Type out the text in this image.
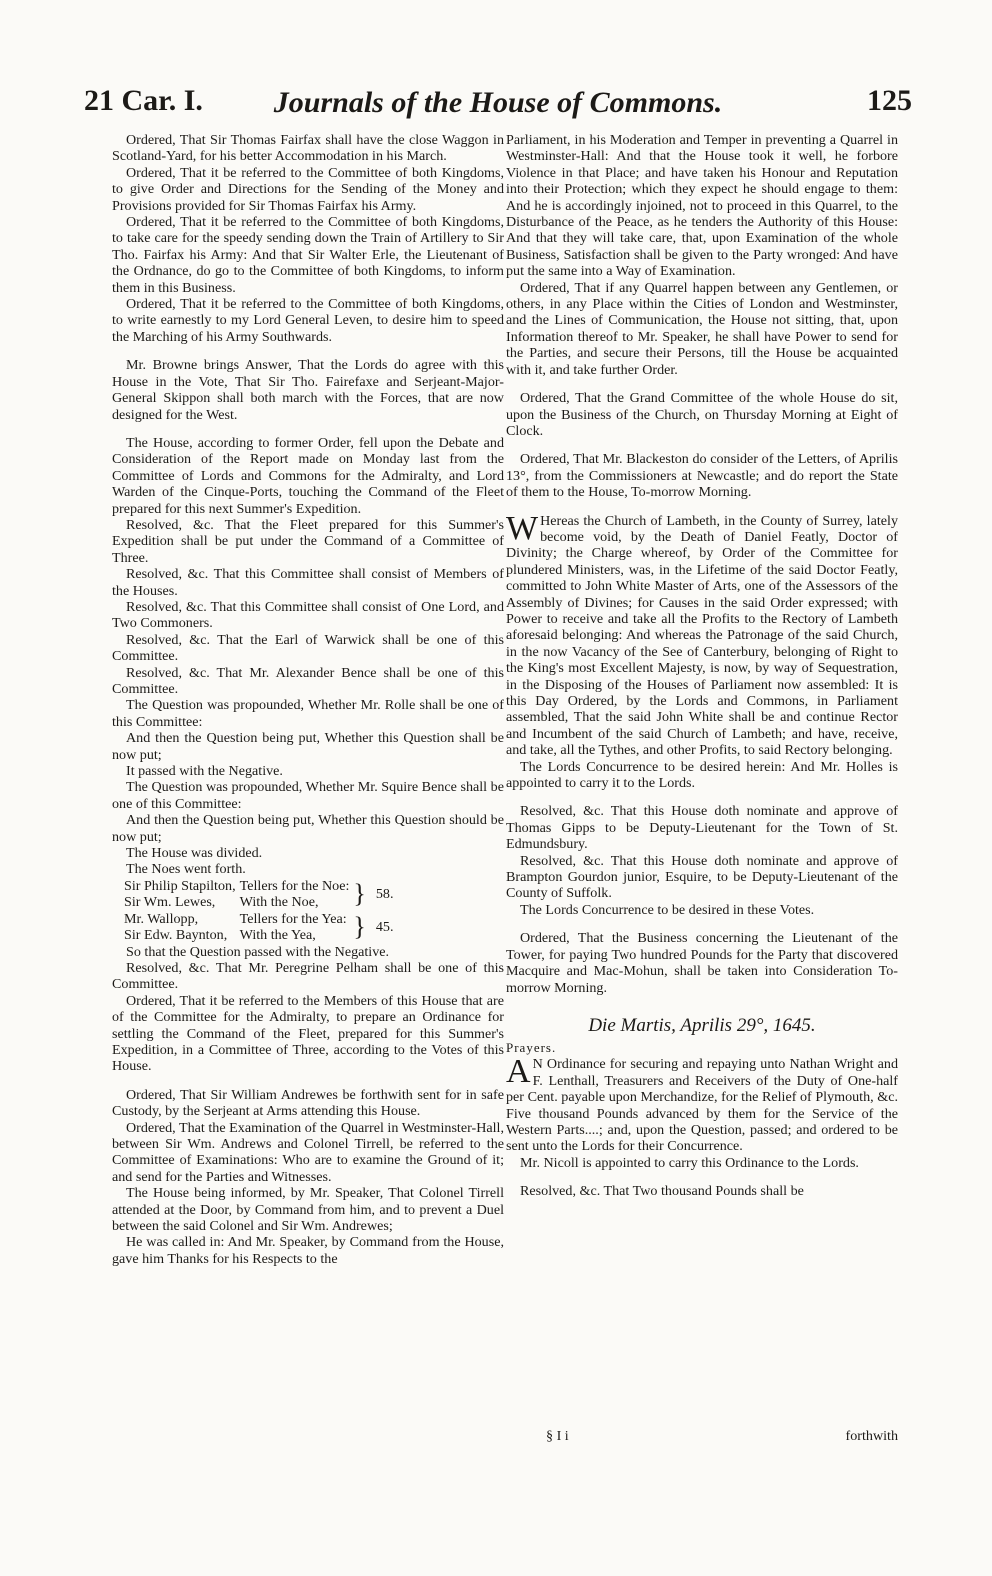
21 Car. I.	Journals of the House of Commons.	125

Ordered, That Sir Thomas Fairfax shall have the close Waggon in Scotland-Yard, for his better Accommodation in his March.

Ordered, That it be referred to the Committee of both Kingdoms, to give Order and Directions for the Sending of the Money and Provisions provided for Sir Thomas Fairfax his Army.

Ordered, That it be referred to the Committee of both Kingdoms, to take care for the speedy sending down the Train of Artillery to Sir Tho. Fairfax his Army: And that Sir Walter Erle, the Lieutenant of the Ordnance, do go to the Committee of both Kingdoms, to inform them in this Business.

Ordered, That it be referred to the Committee of both Kingdoms, to write earnestly to my Lord General Leven, to desire him to speed the Marching of his Army Southwards.

Mr. Browne brings Answer, That the Lords do agree with this House in the Vote, That Sir Tho. Fairefaxe and Serjeant-Major-General Skippon shall both march with the Forces, that are now designed for the West.

The House, according to former Order, fell upon the Debate and Consideration of the Report made on Monday last from the Committee of Lords and Commons for the Admiralty, and Lord Warden of the Cinque-Ports, touching the Command of the Fleet prepared for this next Summer's Expedition.

Resolved, &c. That the Fleet prepared for this Summer's Expedition shall be put under the Command of a Committee of Three.

Resolved, &c. That this Committee shall consist of Members of the Houses.

Resolved, &c. That this Committee shall consist of One Lord, and Two Commoners.

Resolved, &c. That the Earl of Warwick shall be one of this Committee.

Resolved, &c. That Mr. Alexander Bence shall be one of this Committee.

The Question was propounded, Whether Mr. Rolle shall be one of this Committee:

And then the Question being put, Whether this Question shall be now put;

It passed with the Negative.

The Question was propounded, Whether Mr. Squire Bence shall be one of this Committee:

And then the Question being put, Whether this Question should be now put;

The House was divided.

The Noes went forth.

Sir Philip Stapilton,	Tellers for the Noe:	}	58.
Sir Wm. Lewes,	With the Noe,		
Mr. Wallopp,	Tellers for the Yea:	}	45.
Sir Edw. Baynton,	With the Yea,		

So that the Question passed with the Negative.

Resolved, &c. That Mr. Peregrine Pelham shall be one of this Committee.

Ordered, That it be referred to the Members of this House that are of the Committee for the Admiralty, to prepare an Ordinance for settling the Command of the Fleet, prepared for this Summer's Expedition, in a Committee of Three, according to the Votes of this House.

Ordered, That Sir William Andrewes be forthwith sent for in safe Custody, by the Serjeant at Arms attending this House.

Ordered, That the Examination of the Quarrel in Westminster-Hall, between Sir Wm. Andrews and Colonel Tirrell, be referred to the Committee of Examinations: Who are to examine the Ground of it; and send for the Parties and Witnesses.

The House being informed, by Mr. Speaker, That Colonel Tirrell attended at the Door, by Command from him, and to prevent a Duel between the said Colonel and Sir Wm. Andrewes;

He was called in: And Mr. Speaker, by Command from the House, gave him Thanks for his Respects to the

Parliament, in his Moderation and Temper in preventing a Quarrel in Westminster-Hall: And that the House took it well, he forbore Violence in that Place; and have taken his Honour and Reputation into their Protection; which they expect he should engage to them: And he is accordingly injoined, not to proceed in this Quarrel, to the Disturbance of the Peace, as he tenders the Authority of this House: And that they will take care, that, upon Examination of the whole Business, Satisfaction shall be given to the Party wronged: And have put the same into a Way of Examination.

Ordered, That if any Quarrel happen between any Gentlemen, or others, in any Place within the Cities of London and Westminster, and the Lines of Communication, the House not sitting, that, upon Information thereof to Mr. Speaker, he shall have Power to send for the Parties, and secure their Persons, till the House be acquainted with it, and take further Order.

Ordered, That the Grand Committee of the whole House do sit, upon the Business of the Church, on Thursday Morning at Eight of Clock.

Ordered, That Mr. Blackeston do consider of the Letters, of Aprilis 13°, from the Commissioners at Newcastle; and do report the State of them to the House, To-morrow Morning.

W Hereas the Church of Lambeth, in the County of Surrey, lately become void, by the Death of Daniel Featly, Doctor of Divinity; the Charge whereof, by Order of the Committee for plundered Ministers, was, in the Lifetime of the said Doctor Featly, committed to John White Master of Arts, one of the Assessors of the Assembly of Divines; for Causes in the said Order expressed; with Power to receive and take all the Profits to the Rectory of Lambeth aforesaid belonging: And whereas the Patronage of the said Church, in the now Vacancy of the See of Canterbury, belonging of Right to the King's most Excellent Majesty, is now, by way of Sequestration, in the Disposing of the Houses of Parliament now assembled: It is this Day Ordered, by the Lords and Commons, in Parliament assembled, That the said John White shall be and continue Rector and Incumbent of the said Church of Lambeth; and have, receive, and take, all the Tythes, and other Profits, to said Rectory belonging.

The Lords Concurrence to be desired herein: And Mr. Holles is appointed to carry it to the Lords.

Resolved, &c. That this House doth nominate and approve of Thomas Gipps to be Deputy-Lieutenant for the Town of St. Edmundsbury.

Resolved, &c. That this House doth nominate and approve of Brampton Gourdon junior, Esquire, to be Deputy-Lieutenant of the County of Suffolk.

The Lords Concurrence to be desired in these Votes.

Ordered, That the Business concerning the Lieutenant of the Tower, for paying Two hundred Pounds for the Party that discovered Macquire and Mac-Mohun, shall be taken into Consideration To-morrow Morning.

Die Martis, Aprilis 29°, 1645.

Prayers.

A N Ordinance for securing and repaying unto Nathan Wright and F. Lenthall, Treasurers and Receivers of the Duty of One-half per Cent. payable upon Merchandize, for the Relief of Plymouth, &c. Five thousand Pounds advanced by them for the Service of the Western Parts....; and, upon the Question, passed; and ordered to be sent unto the Lords for their Concurrence.

Mr. Nicoll is appointed to carry this Ordinance to the Lords.

Resolved, &c. That Two thousand Pounds shall be

§ I i	forthwith
